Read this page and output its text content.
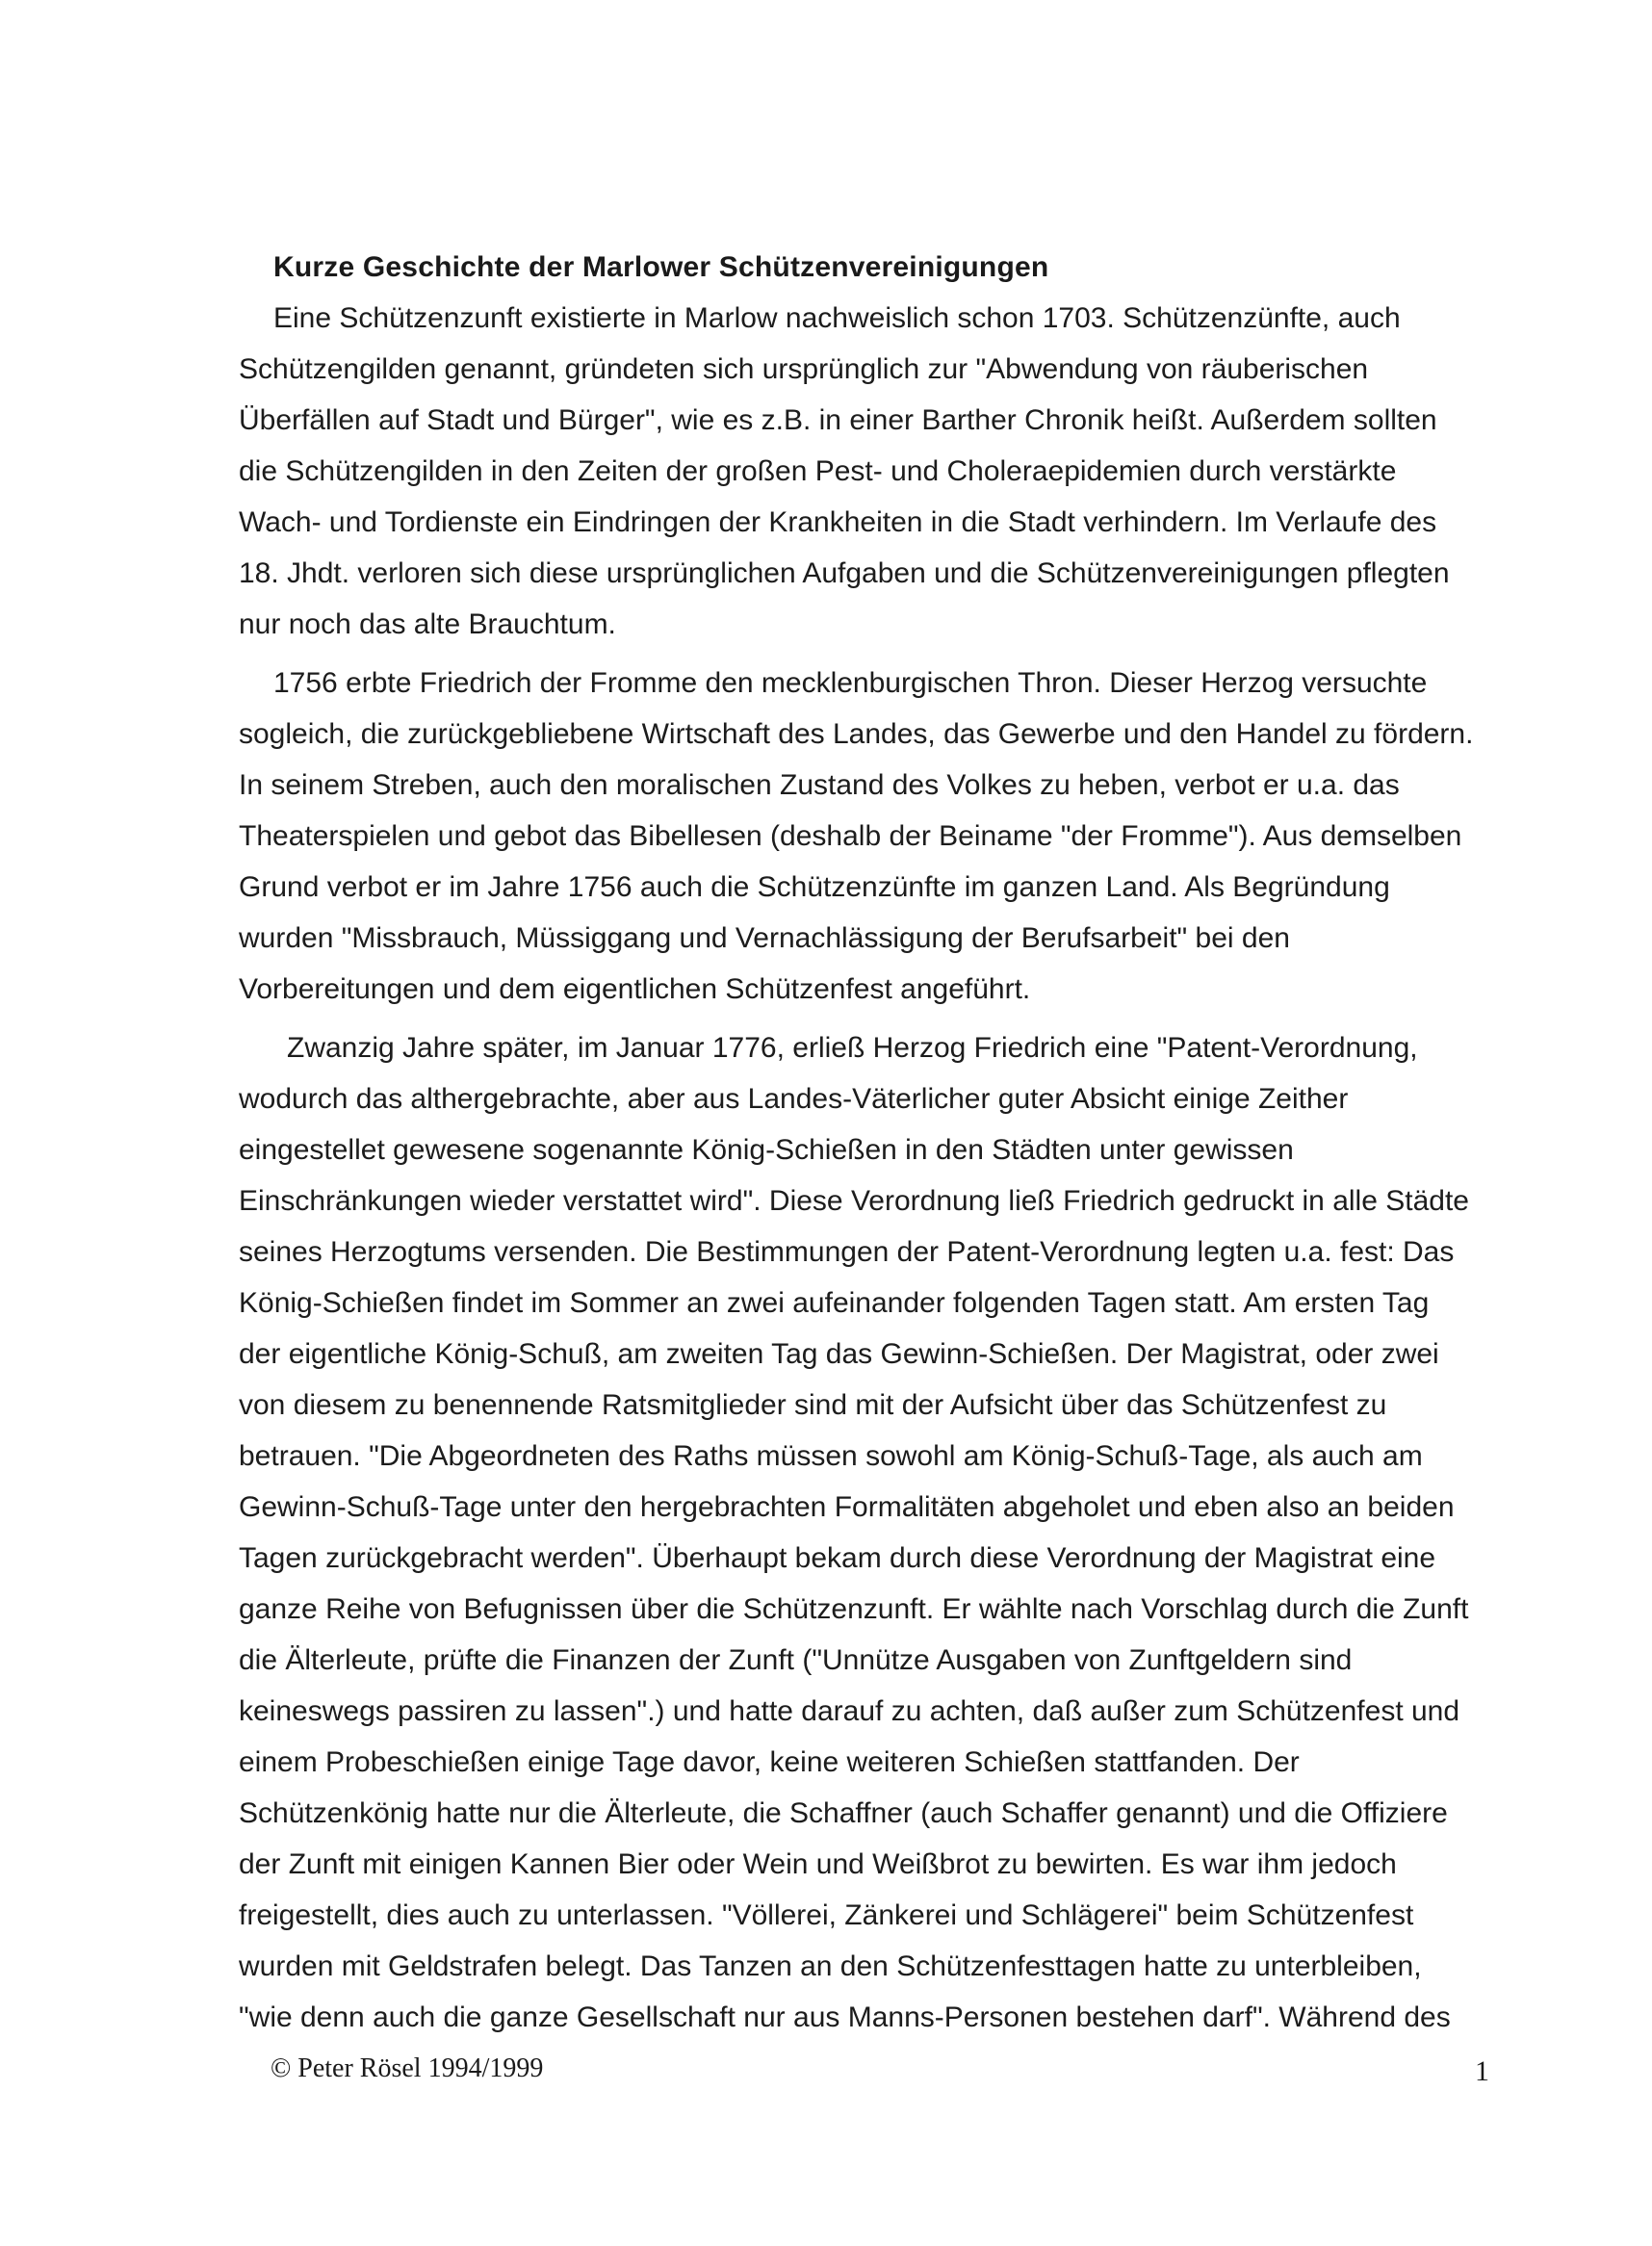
Kurze Geschichte der Marlower Schützenvereinigungen
Eine Schützenzunft existierte in Marlow nachweislich schon 1703. Schützenzünfte, auch
Schützengilden genannt, gründeten sich ursprünglich zur "Abwendung von räuberischen
Überfällen auf Stadt und Bürger", wie es z.B. in einer Barther Chronik heißt. Außerdem sollten
die Schützengilden in den Zeiten der großen Pest- und Choleraepidemien durch verstärkte
Wach- und Tordienste ein Eindringen der Krankheiten in die Stadt verhindern. Im Verlaufe des
18. Jhdt. verloren sich diese ursprünglichen Aufgaben und die Schützenvereinigungen pflegten
nur noch das alte Brauchtum.
1756 erbte Friedrich der Fromme den mecklenburgischen Thron. Dieser Herzog versuchte
sogleich, die zurückgebliebene Wirtschaft des Landes, das Gewerbe und den Handel zu fördern.
In seinem Streben, auch den moralischen Zustand des Volkes zu heben, verbot er u.a. das
Theaterspielen und gebot das Bibellesen (deshalb der Beiname "der Fromme"). Aus demselben
Grund verbot er im Jahre 1756 auch die Schützenzünfte im ganzen Land. Als Begründung
wurden "Missbrauch, Müssiggang und Vernachlässigung der Berufsarbeit" bei den
Vorbereitungen und dem eigentlichen Schützenfest angeführt.
Zwanzig Jahre später, im Januar 1776, erließ Herzog Friedrich eine "Patent-Verordnung,
wodurch das althergebrachte, aber aus Landes-Väterlicher guter Absicht einige Zeither
eingestellet gewesene sogenannte König-Schießen in den Städten unter gewissen
Einschränkungen wieder verstattet wird". Diese Verordnung ließ Friedrich gedruckt in alle Städte
seines Herzogtums versenden. Die Bestimmungen der Patent-Verordnung legten u.a. fest: Das
König-Schießen findet im Sommer an zwei aufeinander folgenden Tagen statt. Am ersten Tag
der eigentliche König-Schuß, am zweiten Tag das Gewinn-Schießen. Der Magistrat, oder zwei
von diesem zu benennende Ratsmitglieder sind mit der Aufsicht über das Schützenfest zu
betrauen. "Die Abgeordneten des Raths müssen sowohl am König-Schuß-Tage, als auch am
Gewinn-Schuß-Tage unter den hergebrachten Formalitäten abgeholet und eben also an beiden
Tagen zurückgebracht werden". Überhaupt bekam durch diese Verordnung der Magistrat eine
ganze Reihe von Befugnissen über die Schützenzunft. Er wählte nach Vorschlag durch die Zunft
die Älterleute, prüfte die Finanzen der Zunft ("Unnütze Ausgaben von Zunftgeldern sind
keineswegs passiren zu lassen".) und hatte darauf zu achten, daß außer zum Schützenfest und
einem Probeschießen einige Tage davor, keine weiteren Schießen stattfanden. Der
Schützenkönig hatte nur die Älterleute, die Schaffner (auch Schaffer genannt) und die Offiziere
der Zunft mit einigen Kannen Bier oder Wein und Weißbrot zu bewirten. Es war ihm jedoch
freigestellt, dies auch zu unterlassen. "Völlerei, Zänkerei und Schlägerei" beim Schützenfest
wurden mit Geldstrafen belegt. Das Tanzen an den Schützenfesttagen hatte zu unterbleiben,
"wie denn auch die ganze Gesellschaft nur aus Manns-Personen bestehen darf". Während des
© Peter Rösel 1994/1999	1
